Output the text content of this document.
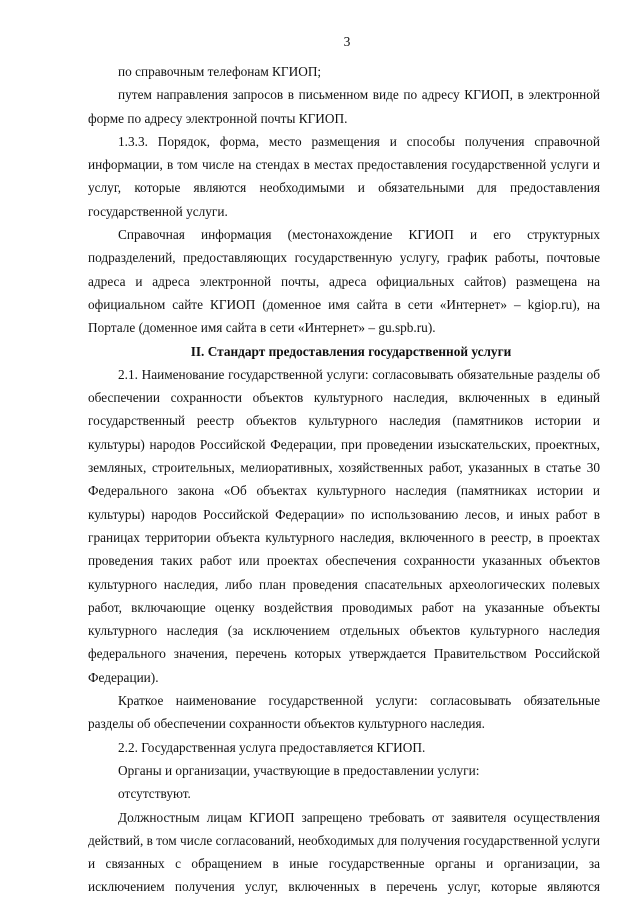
3

по справочным телефонам КГИОП;

путем направления запросов в письменном виде по адресу КГИОП, в электронной форме по адресу электронной почты КГИОП.

1.3.3. Порядок, форма, место размещения и способы получения справочной информации, в том числе на стендах в местах предоставления государственной услуги и услуг, которые являются необходимыми и обязательными для предоставления государственной услуги.

Справочная информация (местонахождение КГИОП и его структурных подразделений, предоставляющих государственную услугу, график работы, почтовые адреса и адреса электронной почты, адреса официальных сайтов) размещена на официальном сайте КГИОП (доменное имя сайта в сети «Интернет» – kgiop.ru), на Портале (доменное имя сайта в сети «Интернет» – gu.spb.ru).

II. Стандарт предоставления государственной услуги

2.1. Наименование государственной услуги: согласовывать обязательные разделы об обеспечении сохранности объектов культурного наследия, включенных в единый государственный реестр объектов культурного наследия (памятников истории и культуры) народов Российской Федерации, при проведении изыскательских, проектных, земляных, строительных, мелиоративных, хозяйственных работ, указанных в статье 30 Федерального закона «Об объектах культурного наследия (памятниках истории и культуры) народов Российской Федерации» по использованию лесов, и иных работ в границах территории объекта культурного наследия, включенного в реестр, в проектах проведения таких работ или проектах обеспечения сохранности указанных объектов культурного наследия, либо план проведения спасательных археологических полевых работ, включающие оценку воздействия проводимых работ на указанные объекты культурного наследия (за исключением отдельных объектов культурного наследия федерального значения, перечень которых утверждается Правительством Российской Федерации).

Краткое наименование государственной услуги: согласовывать обязательные разделы об обеспечении сохранности объектов культурного наследия.

2.2. Государственная услуга предоставляется КГИОП.

Органы и организации, участвующие в предоставлении услуги:

отсутствуют.

Должностным лицам КГИОП запрещено требовать от заявителя осуществления действий, в том числе согласований, необходимых для получения государственной услуги и связанных с обращением в иные государственные органы и организации, за исключением получения услуг, включенных в перечень услуг, которые являются
